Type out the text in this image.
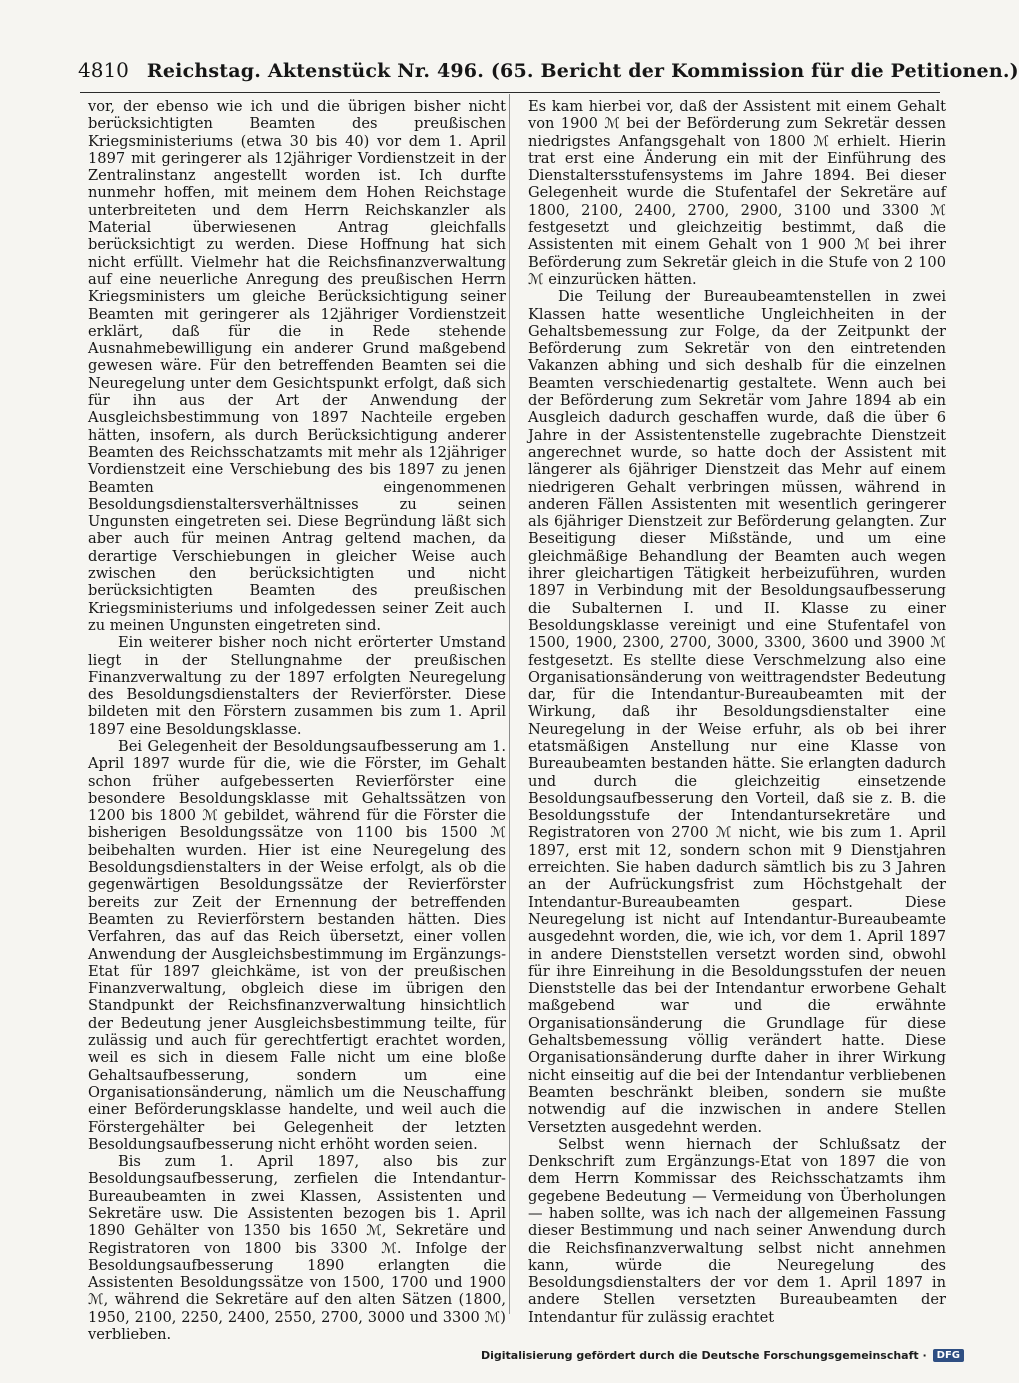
4810 Reichstag. Aktenstück Nr. 496. (65. Bericht der Kommission für die Petitionen.)

vor, der ebenso wie ich und die übrigen bisher nicht berücksichtigten Beamten des preußischen Kriegsministeriums (etwa 30 bis 40) vor dem 1. April 1897 mit geringerer als 12jähriger Vordienstzeit in der Zentralinstanz angestellt worden ist. Ich durfte nunmehr hoffen, mit meinem dem Hohen Reichstage unterbreiteten und dem Herrn Reichskanzler als Material überwiesenen Antrag gleichfalls berücksichtigt zu werden. Diese Hoffnung hat sich nicht erfüllt. Vielmehr hat die Reichsfinanzverwaltung auf eine neuerliche Anregung des preußischen Herrn Kriegsministers um gleiche Berücksichtigung seiner Beamten mit geringerer als 12jähriger Vordienstzeit erklärt, daß für die in Rede stehende Ausnahmebewilligung ein anderer Grund maßgebend gewesen wäre. Für den betreffenden Beamten sei die Neuregelung unter dem Gesichtspunkt erfolgt, daß sich für ihn aus der Art der Anwendung der Ausgleichsbestimmung von 1897 Nachteile ergeben hätten, insofern, als durch Berücksichtigung anderer Beamten des Reichsschatzamts mit mehr als 12jähriger Vordienstzeit eine Verschiebung des bis 1897 zu jenen Beamten eingenommenen Besoldungsdienstaltersverhältnisses zu seinen Ungunsten eingetreten sei. Diese Begründung läßt sich aber auch für meinen Antrag geltend machen, da derartige Verschiebungen in gleicher Weise auch zwischen den berücksichtigten und nicht berücksichtigten Beamten des preußischen Kriegsministeriums und infolgedessen seiner Zeit auch zu meinen Ungunsten eingetreten sind.

Ein weiterer bisher noch nicht erörterter Umstand liegt in der Stellungnahme der preußischen Finanzverwaltung zu der 1897 erfolgten Neuregelung des Besoldungsdienstalters der Revierförster. Diese bildeten mit den Förstern zusammen bis zum 1. April 1897 eine Besoldungsklasse.

Bei Gelegenheit der Besoldungsaufbesserung am 1. April 1897 wurde für die, wie die Förster, im Gehalt schon früher aufgebesserten Revierförster eine besondere Besoldungsklasse mit Gehaltssätzen von 1200 bis 1800 ℳ gebildet, während für die Förster die bisherigen Besoldungssätze von 1100 bis 1500 ℳ beibehalten wurden. Hier ist eine Neuregelung des Besoldungsdienstalters in der Weise erfolgt, als ob die gegenwärtigen Besoldungssätze der Revierförster bereits zur Zeit der Ernennung der betreffenden Beamten zu Revierförstern bestanden hätten. Dies Verfahren, das auf das Reich übersetzt, einer vollen Anwendung der Ausgleichsbestimmung im Ergänzungs-Etat für 1897 gleichkäme, ist von der preußischen Finanzverwaltung, obgleich diese im übrigen den Standpunkt der Reichsfinanzverwaltung hinsichtlich der Bedeutung jener Ausgleichsbestimmung teilte, für zulässig und auch für gerechtfertigt erachtet worden, weil es sich in diesem Falle nicht um eine bloße Gehaltsaufbesserung, sondern um eine Organisationsänderung, nämlich um die Neuschaffung einer Beförderungsklasse handelte, und weil auch die Förstergehälter bei Gelegenheit der letzten Besoldungsaufbesserung nicht erhöht worden seien.

Bis zum 1. April 1897, also bis zur Besoldungsaufbesserung, zerfielen die Intendantur-Bureaubeamten in zwei Klassen, Assistenten und Sekretäre usw. Die Assistenten bezogen bis 1. April 1890 Gehälter von 1350 bis 1650 ℳ, Sekretäre und Registratoren von 1800 bis 3300 ℳ. Infolge der Besoldungsaufbesserung 1890 erlangten die Assistenten Besoldungssätze von 1500, 1700 und 1900 ℳ, während die Sekretäre auf den alten Sätzen (1800, 1950, 2100, 2250, 2400, 2550, 2700, 3000 und 3300 ℳ) verblieben.

Es kam hierbei vor, daß der Assistent mit einem Gehalt von 1900 ℳ bei der Beförderung zum Sekretär dessen niedrigstes Anfangsgehalt von 1800 ℳ erhielt. Hierin trat erst eine Änderung ein mit der Einführung des Dienstaltersstufensystems im Jahre 1894. Bei dieser Gelegenheit wurde die Stufentafel der Sekretäre auf 1800, 2100, 2400, 2700, 2900, 3100 und 3300 ℳ festgesetzt und gleichzeitig bestimmt, daß die Assistenten mit einem Gehalt von 1 900 ℳ bei ihrer Beförderung zum Sekretär gleich in die Stufe von 2 100 ℳ einzurücken hätten.

Die Teilung der Bureaubeamtenstellen in zwei Klassen hatte wesentliche Ungleichheiten in der Gehaltsbemessung zur Folge, da der Zeitpunkt der Beförderung zum Sekretär von den eintretenden Vakanzen abhing und sich deshalb für die einzelnen Beamten verschiedenartig gestaltete. Wenn auch bei der Beförderung zum Sekretär vom Jahre 1894 ab ein Ausgleich dadurch geschaffen wurde, daß die über 6 Jahre in der Assistentenstelle zugebrachte Dienstzeit angerechnet wurde, so hatte doch der Assistent mit längerer als 6jähriger Dienstzeit das Mehr auf einem niedrigeren Gehalt verbringen müssen, während in anderen Fällen Assistenten mit wesentlich geringerer als 6jähriger Dienstzeit zur Beförderung gelangten. Zur Beseitigung dieser Mißstände, und um eine gleichmäßige Behandlung der Beamten auch wegen ihrer gleichartigen Tätigkeit herbeizuführen, wurden 1897 in Verbindung mit der Besoldungsaufbesserung die Subalternen I. und II. Klasse zu einer Besoldungsklasse vereinigt und eine Stufentafel von 1500, 1900, 2300, 2700, 3000, 3300, 3600 und 3900 ℳ festgesetzt. Es stellte diese Verschmelzung also eine Organisationsänderung von weittragendster Bedeutung dar, für die Intendantur-Bureaubeamten mit der Wirkung, daß ihr Besoldungsdienstalter eine Neuregelung in der Weise erfuhr, als ob bei ihrer etatsmäßigen Anstellung nur eine Klasse von Bureaubeamten bestanden hätte. Sie erlangten dadurch und durch die gleichzeitig einsetzende Besoldungsaufbesserung den Vorteil, daß sie z. B. die Besoldungsstufe der Intendantursekretäre und Registratoren von 2700 ℳ nicht, wie bis zum 1. April 1897, erst mit 12, sondern schon mit 9 Dienstjahren erreichten. Sie haben dadurch sämtlich bis zu 3 Jahren an der Aufrückungsfrist zum Höchstgehalt der Intendantur-Bureaubeamten gespart. Diese Neuregelung ist nicht auf Intendantur-Bureaubeamte ausgedehnt worden, die, wie ich, vor dem 1. April 1897 in andere Dienststellen versetzt worden sind, obwohl für ihre Einreihung in die Besoldungsstufen der neuen Dienststelle das bei der Intendantur erworbene Gehalt maßgebend war und die erwähnte Organisationsänderung die Grundlage für diese Gehaltsbemessung völlig verändert hatte. Diese Organisationsänderung durfte daher in ihrer Wirkung nicht einseitig auf die bei der Intendantur verbliebenen Beamten beschränkt bleiben, sondern sie mußte notwendig auf die inzwischen in andere Stellen Versetzten ausgedehnt werden.

Selbst wenn hiernach der Schlußsatz der Denkschrift zum Ergänzungs-Etat von 1897 die von dem Herrn Kommissar des Reichsschatzamts ihm gegebene Bedeutung — Vermeidung von Überholungen — haben sollte, was ich nach der allgemeinen Fassung dieser Bestimmung und nach seiner Anwendung durch die Reichsfinanzverwaltung selbst nicht annehmen kann, würde die Neuregelung des Besoldungsdienstalters der vor dem 1. April 1897 in andere Stellen versetzten Bureaubeamten der Intendantur für zulässig erachtet

Digitalisierung gefördert durch die Deutsche Forschungsgemeinschaft ·	DFG
